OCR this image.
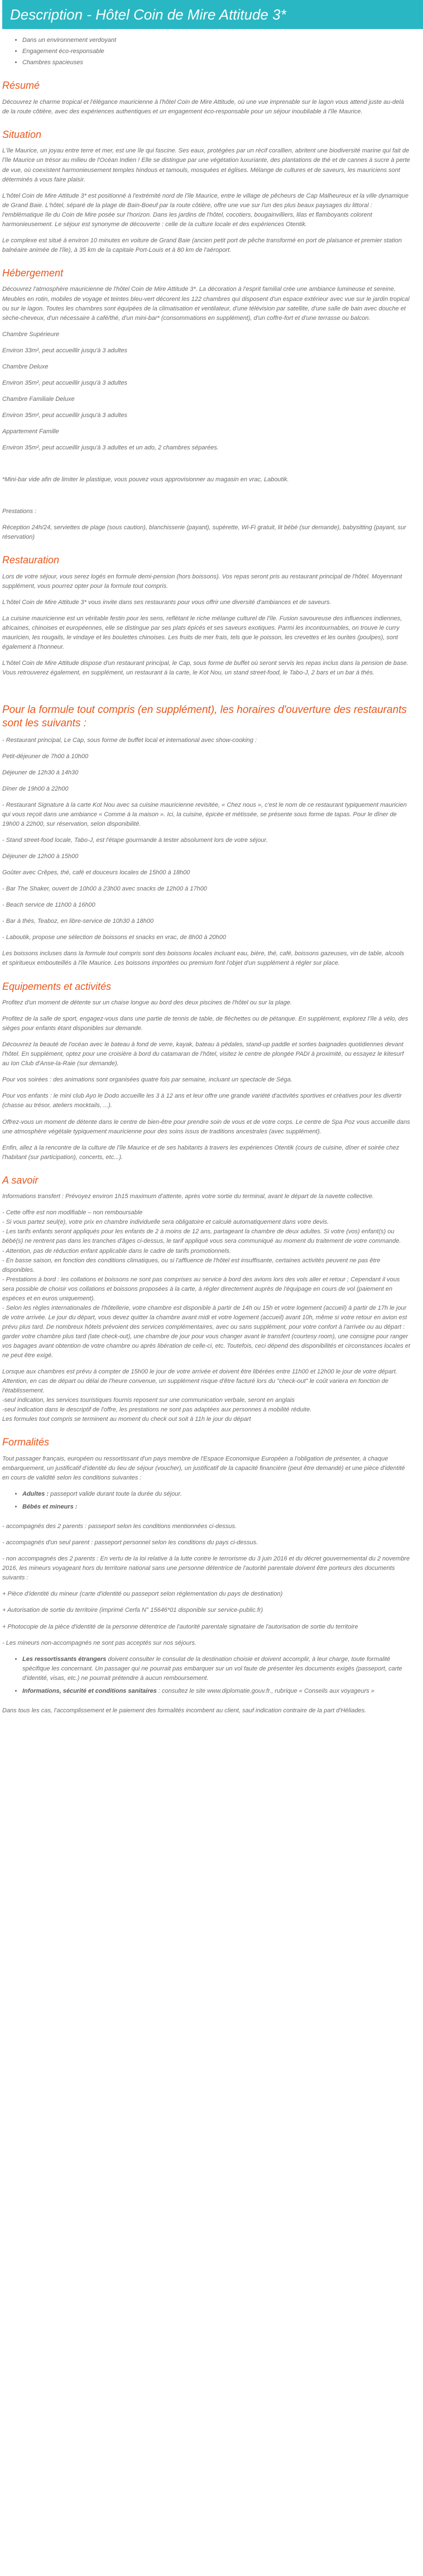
Description - Hôtel Coin de Mire Attitude 3*
• Dans un environnement verdoyant
• Engagement éco-responsable
• Chambres spacieuses
Résumé

Découvrez le charme tropical et l'élégance mauricienne à l'hôtel Coin de Mire Attitude, où une vue imprenable sur le lagon vous attend juste au-delà de la route côtière, avec des expériences authentiques et un engagement éco-responsable pour un séjour inoubliable à l'île Maurice.

Situation

L'île Maurice, un joyau entre terre et mer, est une île qui fascine. Ses eaux, protégées par un récif corallien, abritent une biodiversité marine qui fait de l'île Maurice un trésor au milieu de l'Océan Indien ! Elle se distingue par une végétation luxuriante, des plantations de thé et de cannes à sucre à perte de vue, où coexistent harmonieusement temples hindous et tamouls, mosquées et églises. Mélange de cultures et de saveurs, les mauriciens sont déterminés à vous faire plaisir.

L'hôtel Coin de Mire Attitude 3* est positionné à l'extrémité nord de l'île Maurice, entre le village de pêcheurs de Cap Malheureux et la ville dynamique de Grand Baie. L'hôtel, séparé de la plage de Bain-Boeuf par la route côtière, offre une vue sur l'un des plus beaux paysages du littoral : l'emblématique île du Coin de Mire posée sur l'horizon. Dans les jardins de l'hôtel, cocotiers, bougainvilliers, lilas et flamboyants colorent harmonieusement. Le séjour est synonyme de découverte : celle de la culture locale et des expériences Otentik.

Le complexe est situé à environ 10 minutes en voiture de Grand Baie (ancien petit port de pêche transformé en port de plaisance et premier station balnéaire animée de l'île), à 35 km de la capitale Port-Louis et à 80 km de l'aéroport.

Hébergement

Découvrez l'atmosphère mauricienne de l'hôtel Coin de Mire Attitude 3*. La décoration à l'esprit familial crée une ambiance lumineuse et sereine. Meubles en rotin, mobiles de voyage et teintes bleu-vert décorent les 122 chambres qui disposent d'un espace extérieur avec vue sur le jardin tropical ou sur le lagon. Toutes les chambres sont équipées de la climatisation et ventilateur, d'une télévision par satellite, d'une salle de bain avec douche et sèche-cheveux, d'un nécessaire à café/thé, d'un mini-bar* (consommations en supplément), d'un coffre-fort et d'une terrasse ou balcon.

Chambre Supérieure

Environ 33m², peut accueillir jusqu'à 3 adultes

Chambre Deluxe

Environ 35m², peut accueillir jusqu'à 3 adultes

Chambre Familiale Deluxe

Environ 35m², peut accueillir jusqu'à 3 adultes

Appartement Famille

Environ 35m², peut accueillir jusqu'à 3 adultes et un ado, 2 chambres séparées.

*Mini-bar vide afin de limiter le plastique, vous pouvez vous approvisionner au magasin en vrac, Laboutik.

Prestations :

Réception 24h/24, serviettes de plage (sous caution), blanchisserie (payant), supérette, Wi-Fi gratuit, lit bébé (sur demande), babysitting (payant, sur réservation)

Restauration

Lors de votre séjour, vous serez logés en formule demi-pension (hors boissons). Vos repas seront pris au restaurant principal de l'hôtel. Moyennant supplément, vous pourrez opter pour la formule tout compris.

L'hôtel Coin de Mire Attitude 3* vous invite dans ses restaurants pour vous offrir une diversité d'ambiances et de saveurs.

La cuisine mauricienne est un véritable festin pour les sens, reflétant le riche mélange culturel de l'île. Fusion savoureuse des influences indiennes, africaines, chinoises et européennes, elle se distingue par ses plats épicés et ses saveurs exotiques. Parmi les incontournables, on trouve le curry mauricien, les rougails, le vindaye et les boulettes chinoises. Les fruits de mer frais, tels que le poisson, les crevettes et les ourites (poulpes), sont également à l'honneur.

L'hôtel Coin de Mire Attitude dispose d'un restaurant principal, le Cap, sous forme de buffet où seront servis les repas inclus dans la pension de base. Vous retrouverez également, en supplément, un restaurant à la carte, le Kot Nou, un stand street-food, le Tabo-J, 2 bars et un bar à thés.

Pour la formule tout compris (en supplément), les horaires d'ouverture des restaurants sont les suivants :

- Restaurant principal, Le Cap, sous forme de buffet local et international avec show-cooking :

Petit-déjeuner de 7h00 à 10h00

Déjeuner de 12h30 à 14h30

Dîner de 19h00 à 22h00

- Restaurant Signature à la carte Kot Nou avec sa cuisine mauricienne revisitée, « Chez nous », c'est le nom de ce restaurant typiquement mauricien qui vous reçoit dans une ambiance « Comme à la maison ». Ici, la cuisine, épicée et métissée, se présente sous forme de tapas. Pour le dîner de 19h00 à 22h00, sur réservation, selon disponibilité.

- Stand street-food locale, Tabo-J, est l'étape gourmande à tester absolument lors de votre séjour.

Déjeuner de 12h00 à 15h00

Goûter avec Crêpes, thé, café et douceurs locales de 15h00 à 18h00

- Bar The Shaker, ouvert de 10h00 à 23h00 avec snacks de 12h00 à 17h00

- Beach service de 11h00 à 16h00

- Bar à thés, Teaboz, en libre-service de 10h30 à 18h00

- Laboutik, propose une sélection de boissons et snacks en vrac, de 8h00 à 20h00

Les boissons incluses dans la formule tout compris sont des boissons locales incluant eau, bière, thé, café, boissons gazeuses, vin de table, alcools et spiritueux embouteillés à l'île Maurice. Les boissons importées ou premium font l'objet d'un supplément à régler sur place.

Equipements et activités

Profitez d'un moment de détente sur un chaise longue au bord des deux piscines de l'hôtel ou sur la plage.

Profitez de la salle de sport, engagez-vous dans une partie de tennis de table, de fléchettes ou de pétanque. En supplément, explorez l'île à vélo, des sièges pour enfants étant disponibles sur demande.

Découvrez la beauté de l'océan avec le bateau à fond de verre, kayak, bateau à pédales, stand-up paddle et sorties baignades quotidiennes devant l'hôtel. En supplément, optez pour une croisière à bord du catamaran de l'hôtel, visitez le centre de plongée PADI à proximité, ou essayez le kitesurf au Ion Club d'Anse-la-Raie (sur demande).

Pour vos soirées : des animations sont organisées quatre fois par semaine, incluant un spectacle de Séga.

Pour vos enfants : le mini club Ayo le Dodo accueille les 3 à 12 ans et leur offre une grande variété d'activités sportives et créatives pour les divertir (chasse au trésor, ateliers mocktails, ...).

Offrez-vous un moment de détente dans le centre de bien-être pour prendre soin de vous et de votre corps. Le centre de Spa Poz vous accueille dans une atmosphère végétale typiquement mauricienne pour des soins issus de traditions ancestrales (avec supplément).

Enfin, allez à la rencontre de la culture de l'île Maurice et de ses habitants à travers les expériences Otentik (cours de cuisine, dîner et soirée chez l'habitant (sur participation), concerts, etc...).

A savoir

Informations transfert : Prévoyez environ 1h15 maximum d'attente, après votre sortie du terminal, avant le départ de la navette collective.

- Cette offre est non modifiable – non remboursable
- Si vous partez seul(e), votre prix en chambre individuelle sera obligatoire et calculé automatiquement dans votre devis.
- Les tarifs enfants seront appliqués pour les enfants de 2 à moins de 12 ans, partageant la chambre de deux adultes. Si votre (vos) enfant(s) ou bébé(s) ne rentrent pas dans les tranches d'âges ci-dessus, le tarif appliqué vous sera communiqué au moment du traitement de votre commande.
- Attention, pas de réduction enfant applicable dans le cadre de tarifs promotionnels.
- En basse saison, en fonction des conditions climatiques, ou si l'affluence de l'hôtel est insuffisante, certaines activités peuvent ne pas être disponibles.
- Prestations à bord : les collations et boissons ne sont pas comprises au service à bord des avions lors des vols aller et retour ; Cependant il vous sera possible de choisir vos collations et boissons proposées à la carte, à régler directement auprès de l'équipage en cours de vol (paiement en espèces et en euros uniquement).
- Selon les règles internationales de l'hôtellerie, votre chambre est disponible à partir de 14h ou 15h et votre logement (accueil) à partir de 17h le jour de votre arrivée. Le jour du départ, vous devez quitter la chambre avant midi et votre logement (accueil) avant 10h, même si votre retour en avion est prévu plus tard. De nombreux hôtels prévoient des services complémentaires, avec ou sans supplément, pour votre confort à l'arrivée ou au départ : garder votre chambre plus tard (late check-out), une chambre de jour pour vous changer avant le transfert (courtesy room), une consigne pour ranger vos bagages avant obtention de votre chambre ou après libération de celle-ci, etc. Toutefois, ceci dépend des disponibilités et circonstances locales et ne peut être exigé.

Lorsque aux chambres est prévu à compter de 15h00 le jour de votre arrivée et doivent être libérées entre 11h00 et 12h00 le jour de votre départ.
Attention, en cas de départ ou délai de l'heure convenue, un supplément risque d'être facturé lors du "check-out" le coût variera en fonction de l'établissement.
-seul indication, les services touristiques fournis reposent sur une communication verbale, seront en anglais
-seul indication dans le descriptif de l'offre, les prestations ne sont pas adaptées aux personnes à mobilité réduite.
Les formules tout compris se terminent au moment du check out soit à 11h le jour du départ

Formalités

Tout passager français, européen ou ressortissant d'un pays membre de l'Espace Economique Européen a l'obligation de présenter, à chaque embarquement, un justificatif d'identité du lieu de séjour (voucher), un justificatif de la capacité financière (peut être demandé) et une pièce d'identité en cours de validité selon les conditions suivantes :

• Adultes : passeport valide durant toute la durée du séjour.
• Bébés et mineurs :

- accompagnés des 2 parents : passeport selon les conditions mentionnées ci-dessus.

- accompagnés d'un seul parent : passeport personnel selon les conditions du pays ci-dessus.

- non accompagnés des 2 parents : En vertu de la loi relative à la lutte contre le terrorisme du 3 juin 2016 et du décret gouvernemental du 2 novembre 2016, les mineurs voyageant hors du territoire national sans une personne détentrice de l'autorité parentale doivent être porteurs des documents suivants :

+ Pièce d'identité du mineur (carte d'identité ou passeport selon réglementation du pays de destination)

+ Autorisation de sortie du territoire (imprimé Cerfa N° 15646*01 disponible sur service-public.fr)

+ Photocopie de la pièce d'identité de la personne détentrice de l'autorité parentale signataire de l'autorisation de sortie du territoire

- Les mineurs non-accompagnés ne sont pas acceptés sur nos séjours.

• Les ressortissants étrangers doivent consulter le consulat de la destination choisie et doivent accomplir, à leur charge, toute formalité spécifique les concernant. Un passager qui ne pourrait pas embarquer sur un vol faute de présenter les documents exigés (passeport, carte d'identité, visas, etc.) ne pourrait prétendre à aucun remboursement.
• Informations, sécurité et conditions sanitaires : consultez le site www.diplomatie.gouv.fr., rubrique « Conseils aux voyageurs »

Dans tous les cas, l'accomplissement et le paiement des formalités incombent au client, sauf indication contraire de la part d'Héliades.
